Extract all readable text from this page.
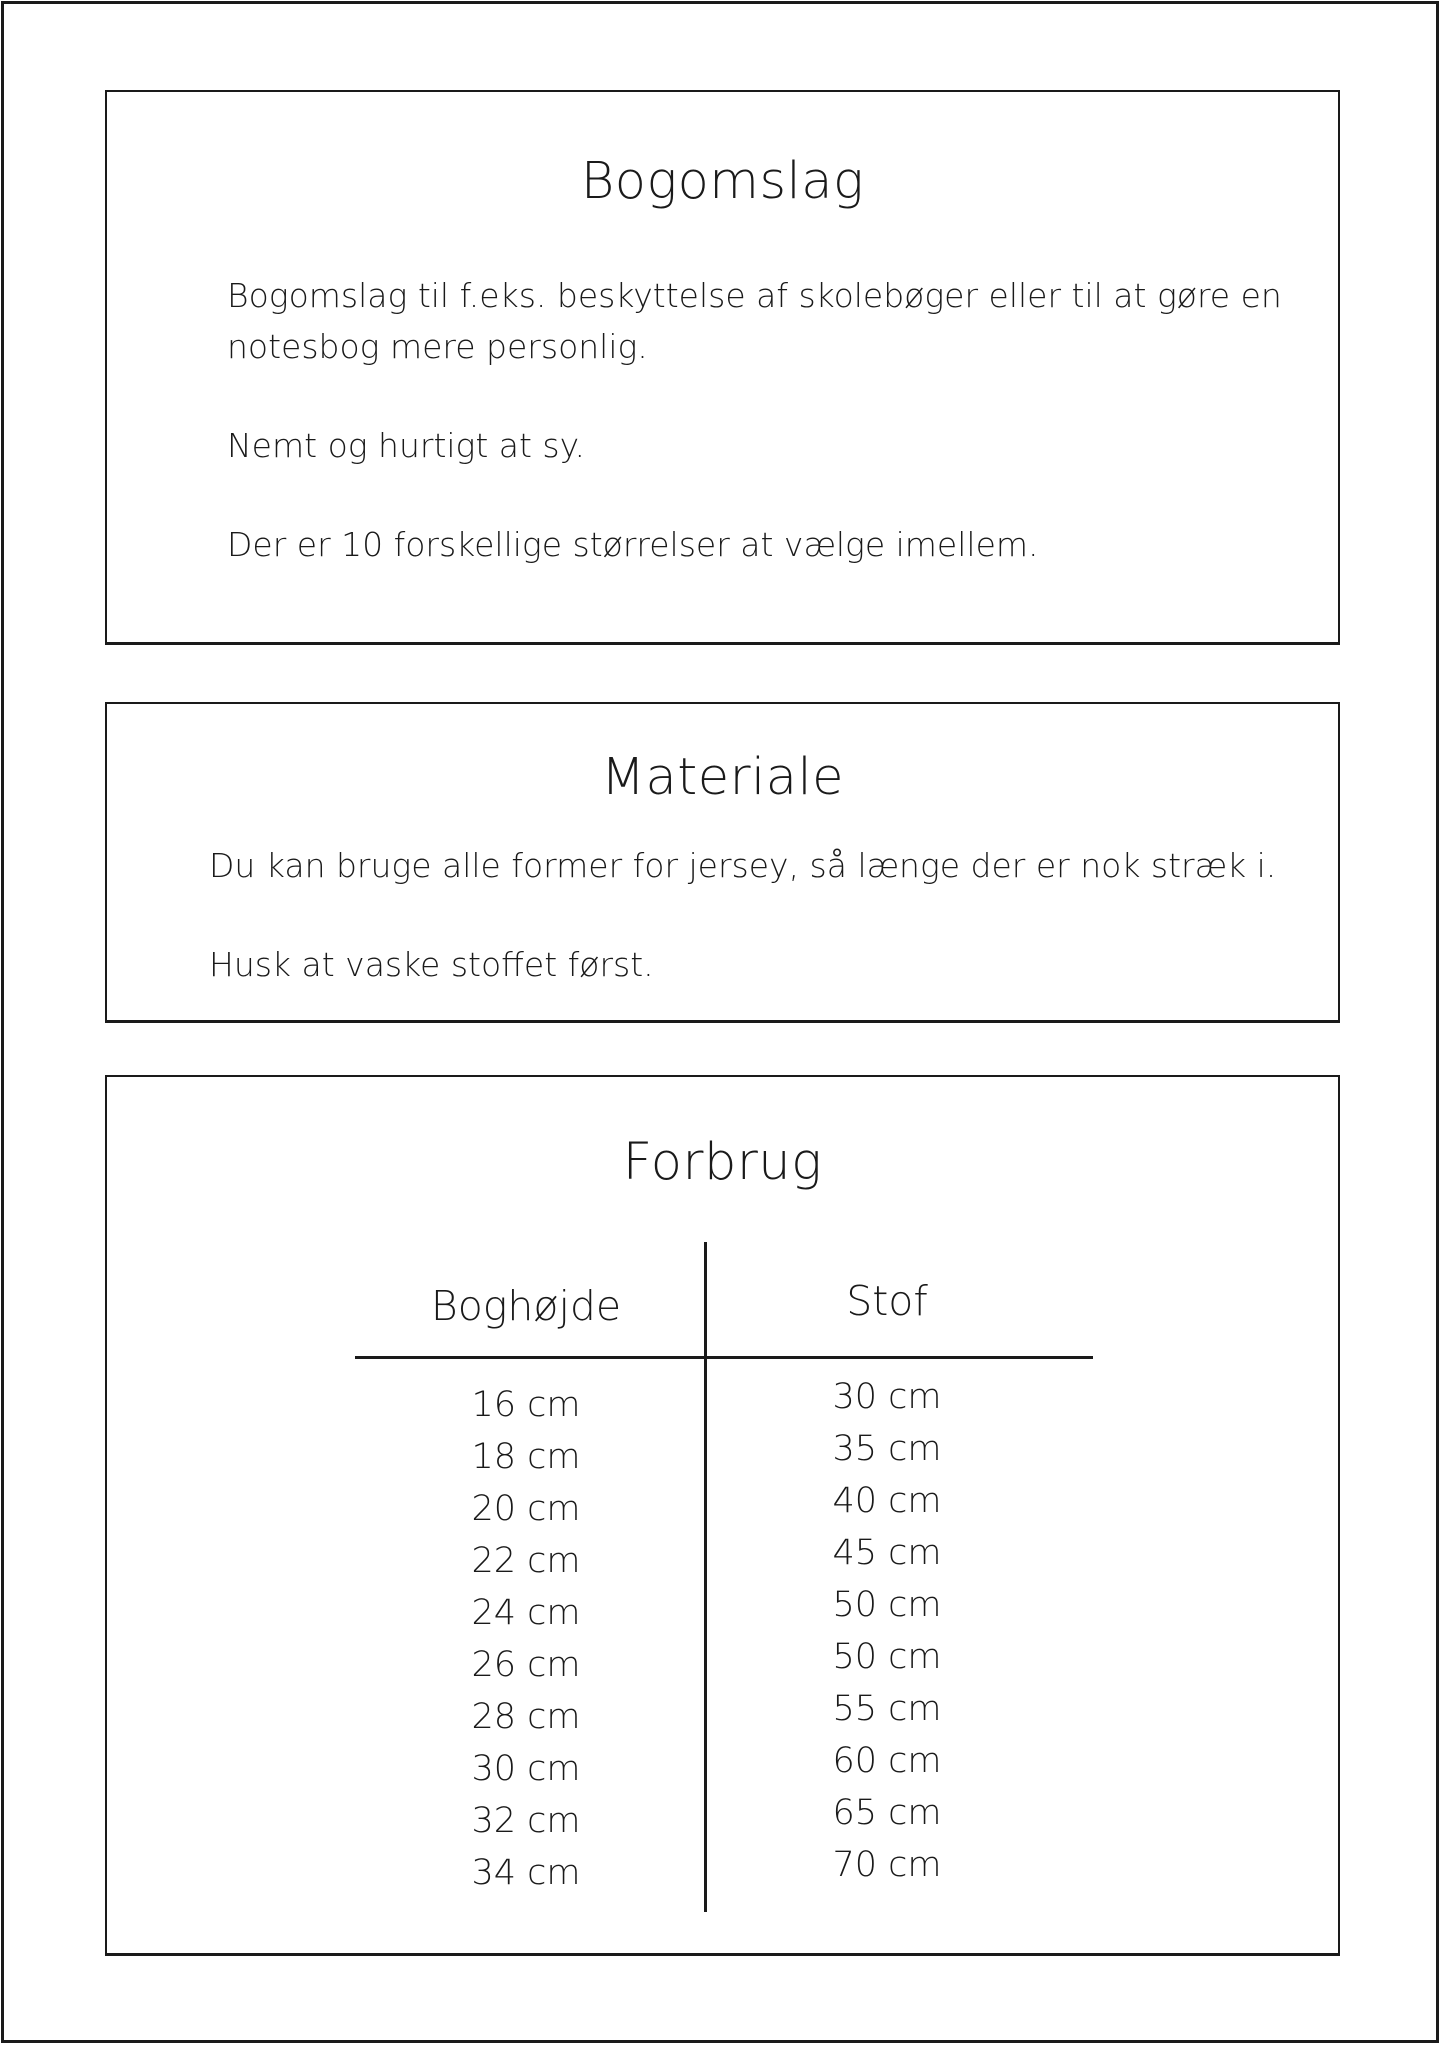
Bogomslag

Bogomslag til f.eks. beskyttelse af skolebøger eller til at gøre en notesbog mere personlig.

Nemt og hurtigt at sy.

Der er 10 forskellige størrelser at vælge imellem.

Materiale

Du kan bruge alle former for jersey, så længe der er nok stræk i.

Husk at vaske stoffet først.

Forbrug
Boghøjde	Stof
16 cm
18 cm
20 cm
22 cm
24 cm
26 cm
28 cm
30 cm
32 cm
34 cm
30 cm
35 cm
40 cm
45 cm
50 cm
50 cm
55 cm
60 cm
65 cm
70 cm
